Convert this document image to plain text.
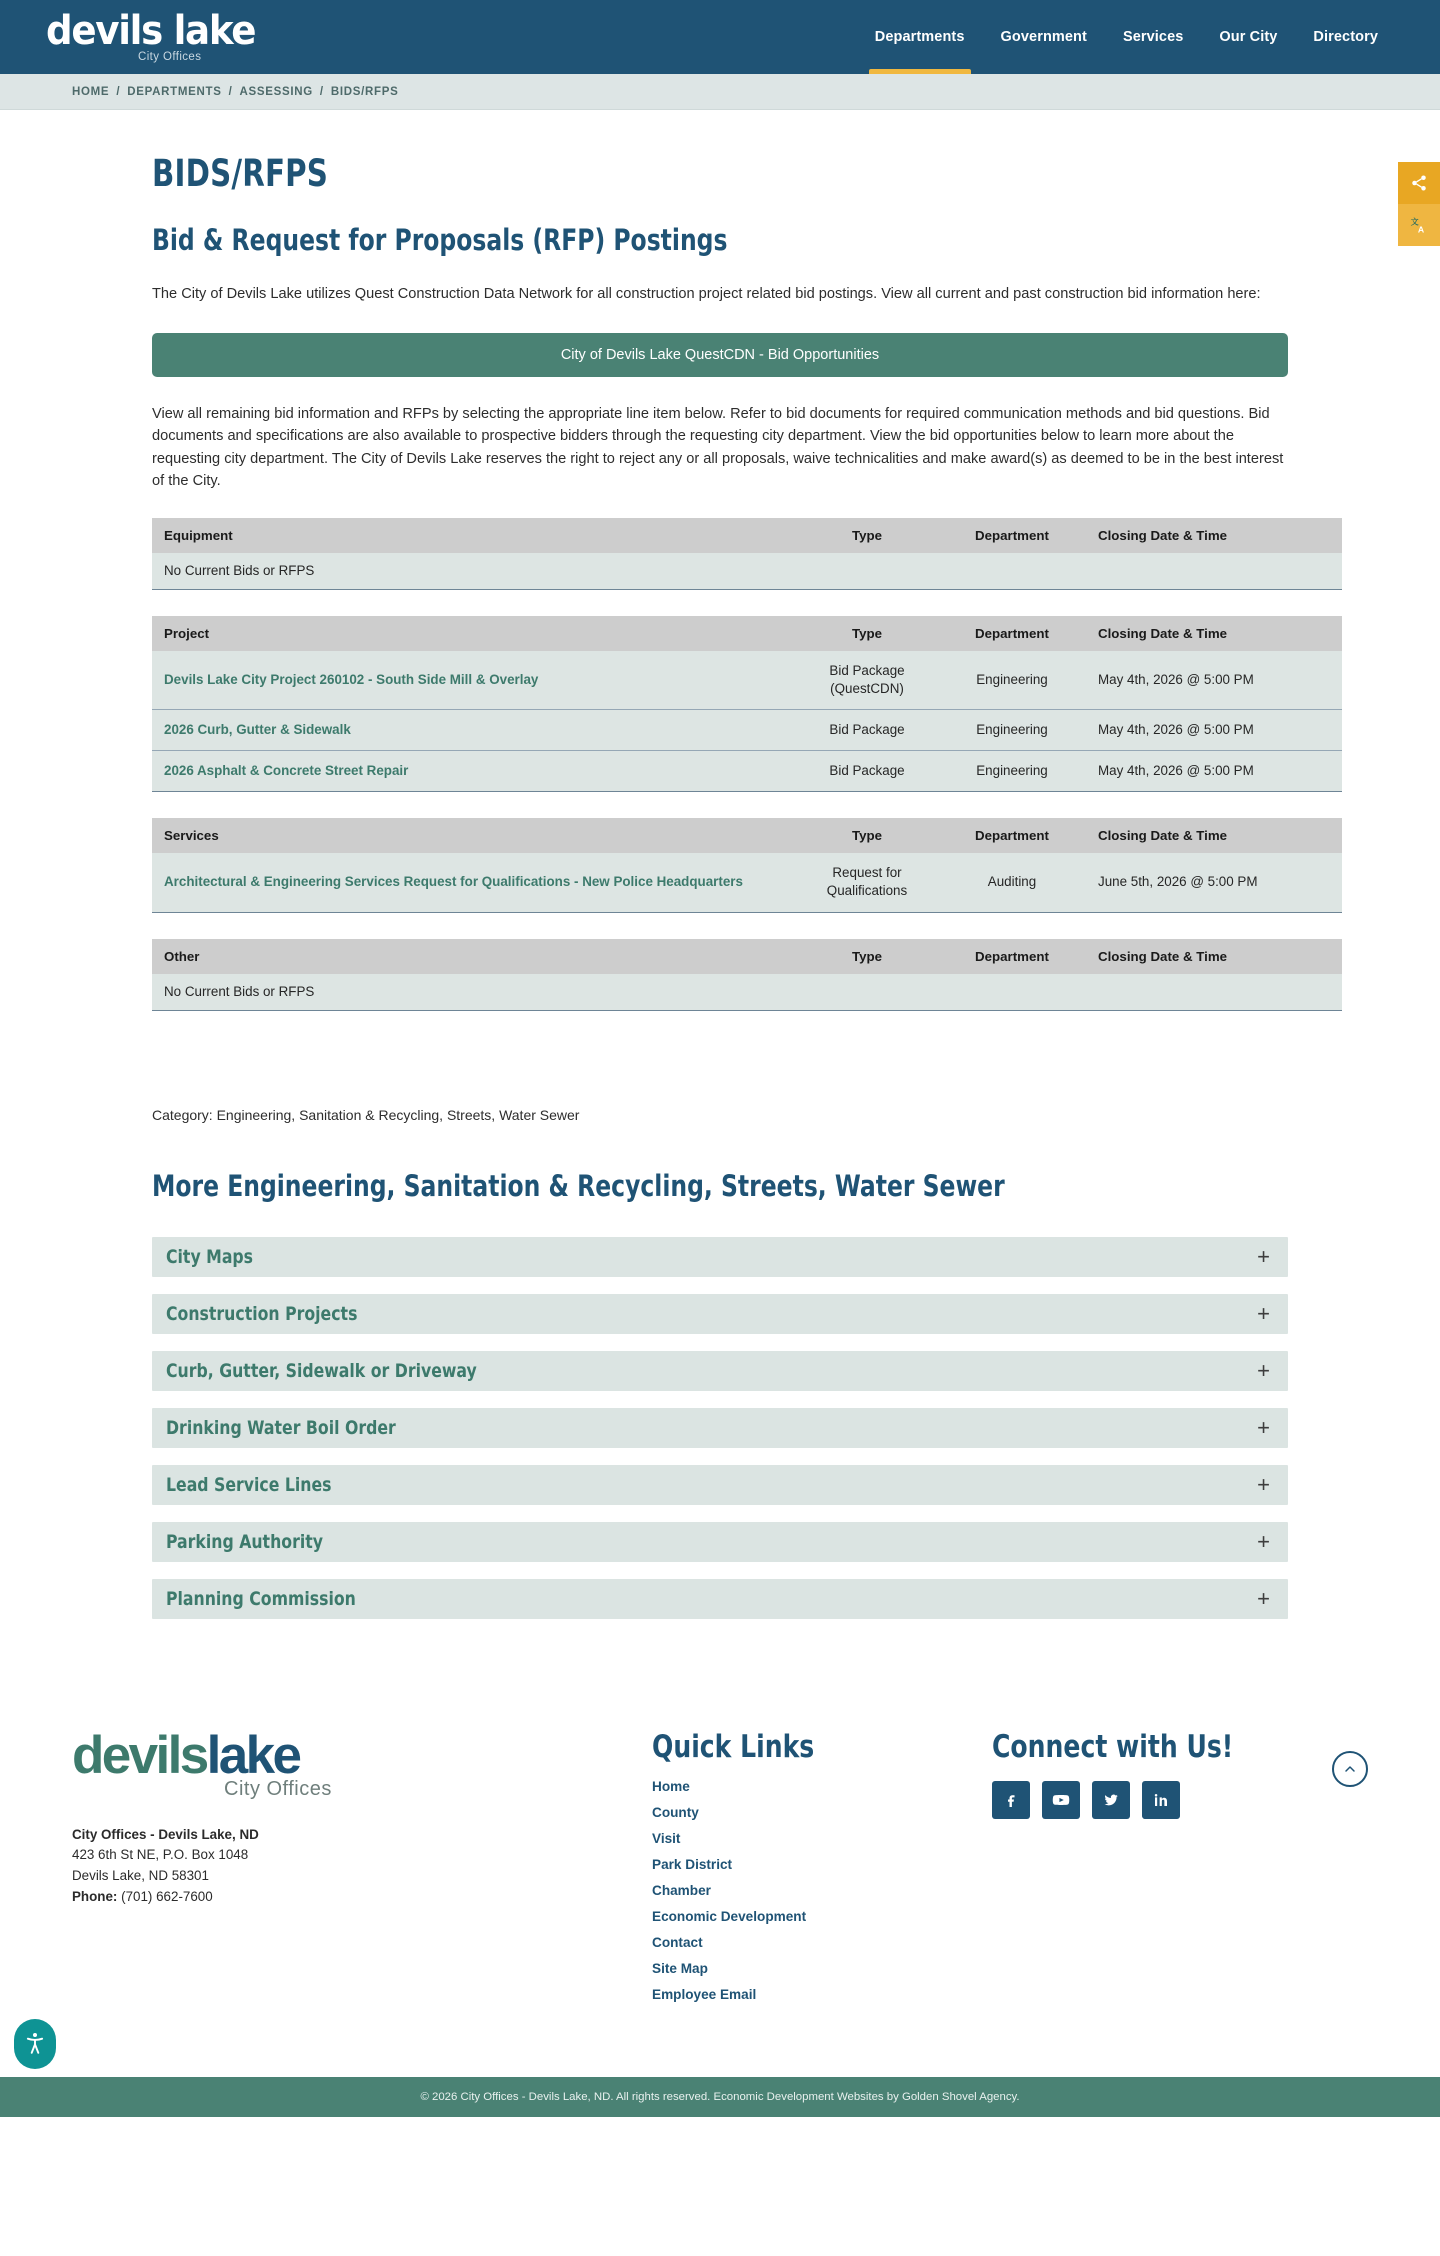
devils lake
City Offices
Departments	Government	Services	Our City	Directory
HOME / DEPARTMENTS / ASSESSING / BIDS/RFPS
文
A
BIDS/RFPS
Bid & Request for Proposals (RFP) Postings

The City of Devils Lake utilizes Quest Construction Data Network for all construction project related bid postings. View all current and past construction bid information here:

City of Devils Lake QuestCDN - Bid Opportunities

View all remaining bid information and RFPs by selecting the appropriate line item below. Refer to bid documents for required communication methods and bid questions. Bid documents and specifications are also available to prospective bidders through the requesting city department. View the bid opportunities below to learn more about the requesting city department. The City of Devils Lake reserves the right to reject any or all proposals, waive technicalities and make award(s) as deemed to be in the best interest of the City.

Equipment	Type	Department	Closing Date & Time
No Current Bids or RFPS
Project	Type	Department	Closing Date & Time
Devils Lake City Project 260102 - South Side Mill & Overlay	Bid Package (QuestCDN)	Engineering	May 4th, 2026 @ 5:00 PM
2026 Curb, Gutter & Sidewalk	Bid Package	Engineering	May 4th, 2026 @ 5:00 PM
2026 Asphalt & Concrete Street Repair	Bid Package	Engineering	May 4th, 2026 @ 5:00 PM
Services	Type	Department	Closing Date & Time
Architectural & Engineering Services Request for Qualifications - New Police Headquarters	Request for Qualifications	Auditing	June 5th, 2026 @ 5:00 PM
Other	Type	Department	Closing Date & Time
No Current Bids or RFPS

Category: Engineering, Sanitation & Recycling, Streets, Water Sewer

More Engineering, Sanitation & Recycling, Streets, Water Sewer
City Maps	+
Construction Projects	+
Curb, Gutter, Sidewalk or Driveway	+
Drinking Water Boil Order	+
Lead Service Lines	+
Parking Authority	+
Planning Commission	+
devilslake
City Offices
City Offices - Devils Lake, ND
423 6th St NE, P.O. Box 1048
Devils Lake, ND 58301
Phone: (701) 662-7600
Quick Links
Home
County
Visit
Park District
Chamber
Economic Development
Contact
Site Map
Employee Email
Connect with Us!
© 2026 City Offices - Devils Lake, ND. All rights reserved. Economic Development Websites by Golden Shovel Agency.
